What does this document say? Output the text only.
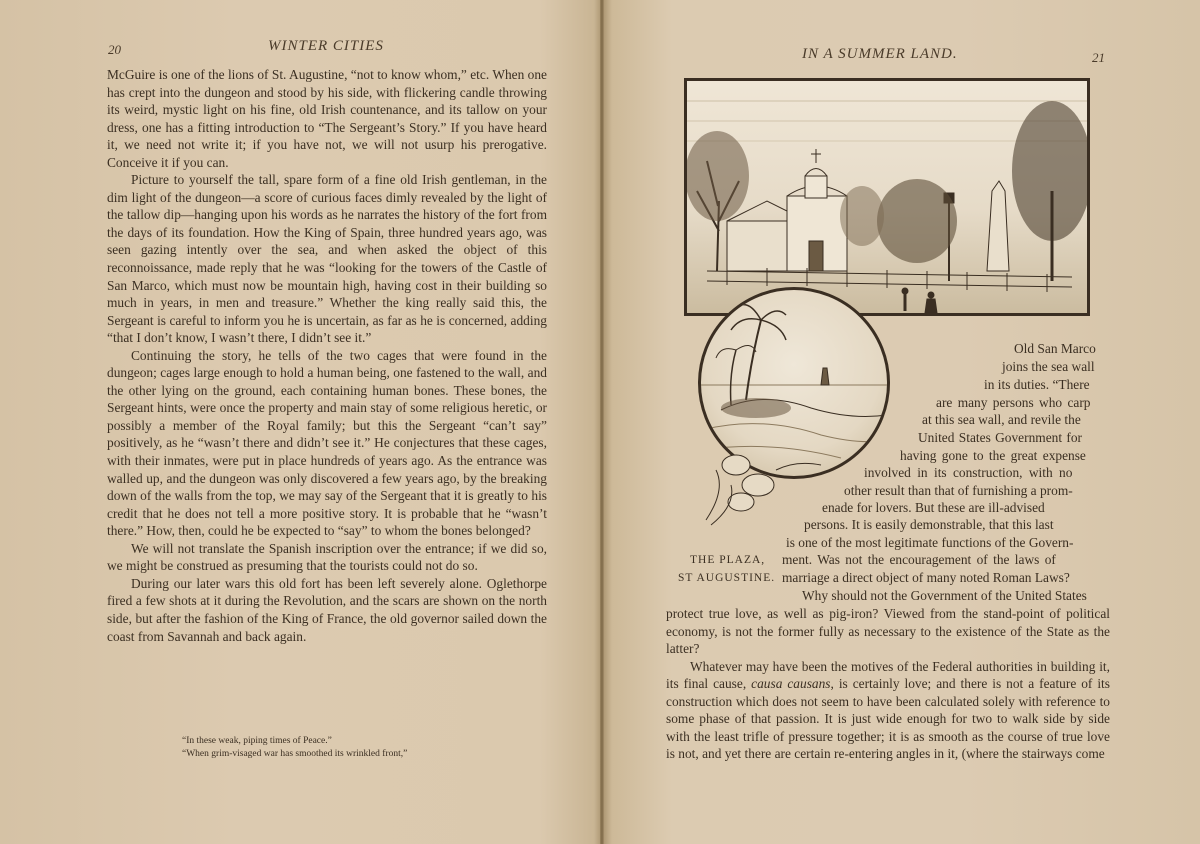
20	WINTER CITIES

McGuire is one of the lions of St. Augustine, “not to know whom,” etc. When one has crept into the dungeon and stood by his side, with flickering candle throwing its weird, mystic light on his fine, old Irish countenance, and its tallow on your dress, one has a fitting introduction to “The Sergeant’s Story.” If you have heard it, we need not write it; if you have not, we will not usurp his prerogative. Conceive it if you can.

Picture to yourself the tall, spare form of a fine old Irish gentleman, in the dim light of the dungeon—a score of curious faces dimly revealed by the light of the tallow dip—hanging upon his words as he narrates the history of the fort from the days of its foundation. How the King of Spain, three hundred years ago, was seen gazing intently over the sea, and when asked the object of this reconnoissance, made reply that he was “looking for the towers of the Castle of San Marco, which must now be mountain high, having cost in their building so much in years, in men and treasure.” Whether the king really said this, the Sergeant is careful to inform you he is uncertain, as far as he is concerned, adding “that I don’t know, I wasn’t there, I didn’t see it.”

Continuing the story, he tells of the two cages that were found in the dungeon; cages large enough to hold a human being, one fastened to the wall, and the other lying on the ground, each containing human bones. These bones, the Sergeant hints, were once the property and main stay of some religious heretic, or possibly a member of the Royal family; but this the Sergeant “can’t say” positively, as he “wasn’t there and didn’t see it.” He conjectures that these cages, with their inmates, were put in place hundreds of years ago. As the entrance was walled up, and the dungeon was only discovered a few years ago, by the breaking down of the walls from the top, we may say of the Sergeant that it is greatly to his credit that he does not tell a more positive story. It is probable that he “wasn’t there.” How, then, could he be expected to “say” to whom the bones belonged?

We will not translate the Spanish inscription over the entrance; if we did so, we might be construed as presuming that the tourists could not do so.

During our later wars this old fort has been left severely alone. Oglethorpe fired a few shots at it during the Revolution, and the scars are shown on the north side, but after the fashion of the King of France, the old governor sailed down the coast from Savannah and back again.

“In these weak, piping times of Peace.”
“When grim-visaged war has smoothed its wrinkled front,”
IN A SUMMER LAND.	21
Old San Marco
joins the sea wall
in its duties. “There
are many persons who carp
at this sea wall, and revile the
United States Government for
having gone to the great expense
involved in its construction, with no
other result than that of furnishing a prom-
enade for lovers. But these are ill-advised
persons. It is easily demonstrable, that this last
is one of the most legitimate functions of the Govern-
THE PLAZA,
ST AUGUSTINE.
ment. Was not the encouragement of the laws of
marriage a direct object of many noted Roman Laws?
Why should not the Government of the United States

protect true love, as well as pig-iron? Viewed from the stand-point of political economy, is not the former fully as necessary to the existence of the State as the latter?

Whatever may have been the motives of the Federal authorities in building it, its final cause, causa causans, is certainly love; and there is not a feature of its construction which does not seem to have been calculated solely with reference to some phase of that passion. It is just wide enough for two to walk side by side with the least trifle of pressure together; it is as smooth as the course of true love is not, and yet there are certain re-entering angles in it, (where the stairways come
